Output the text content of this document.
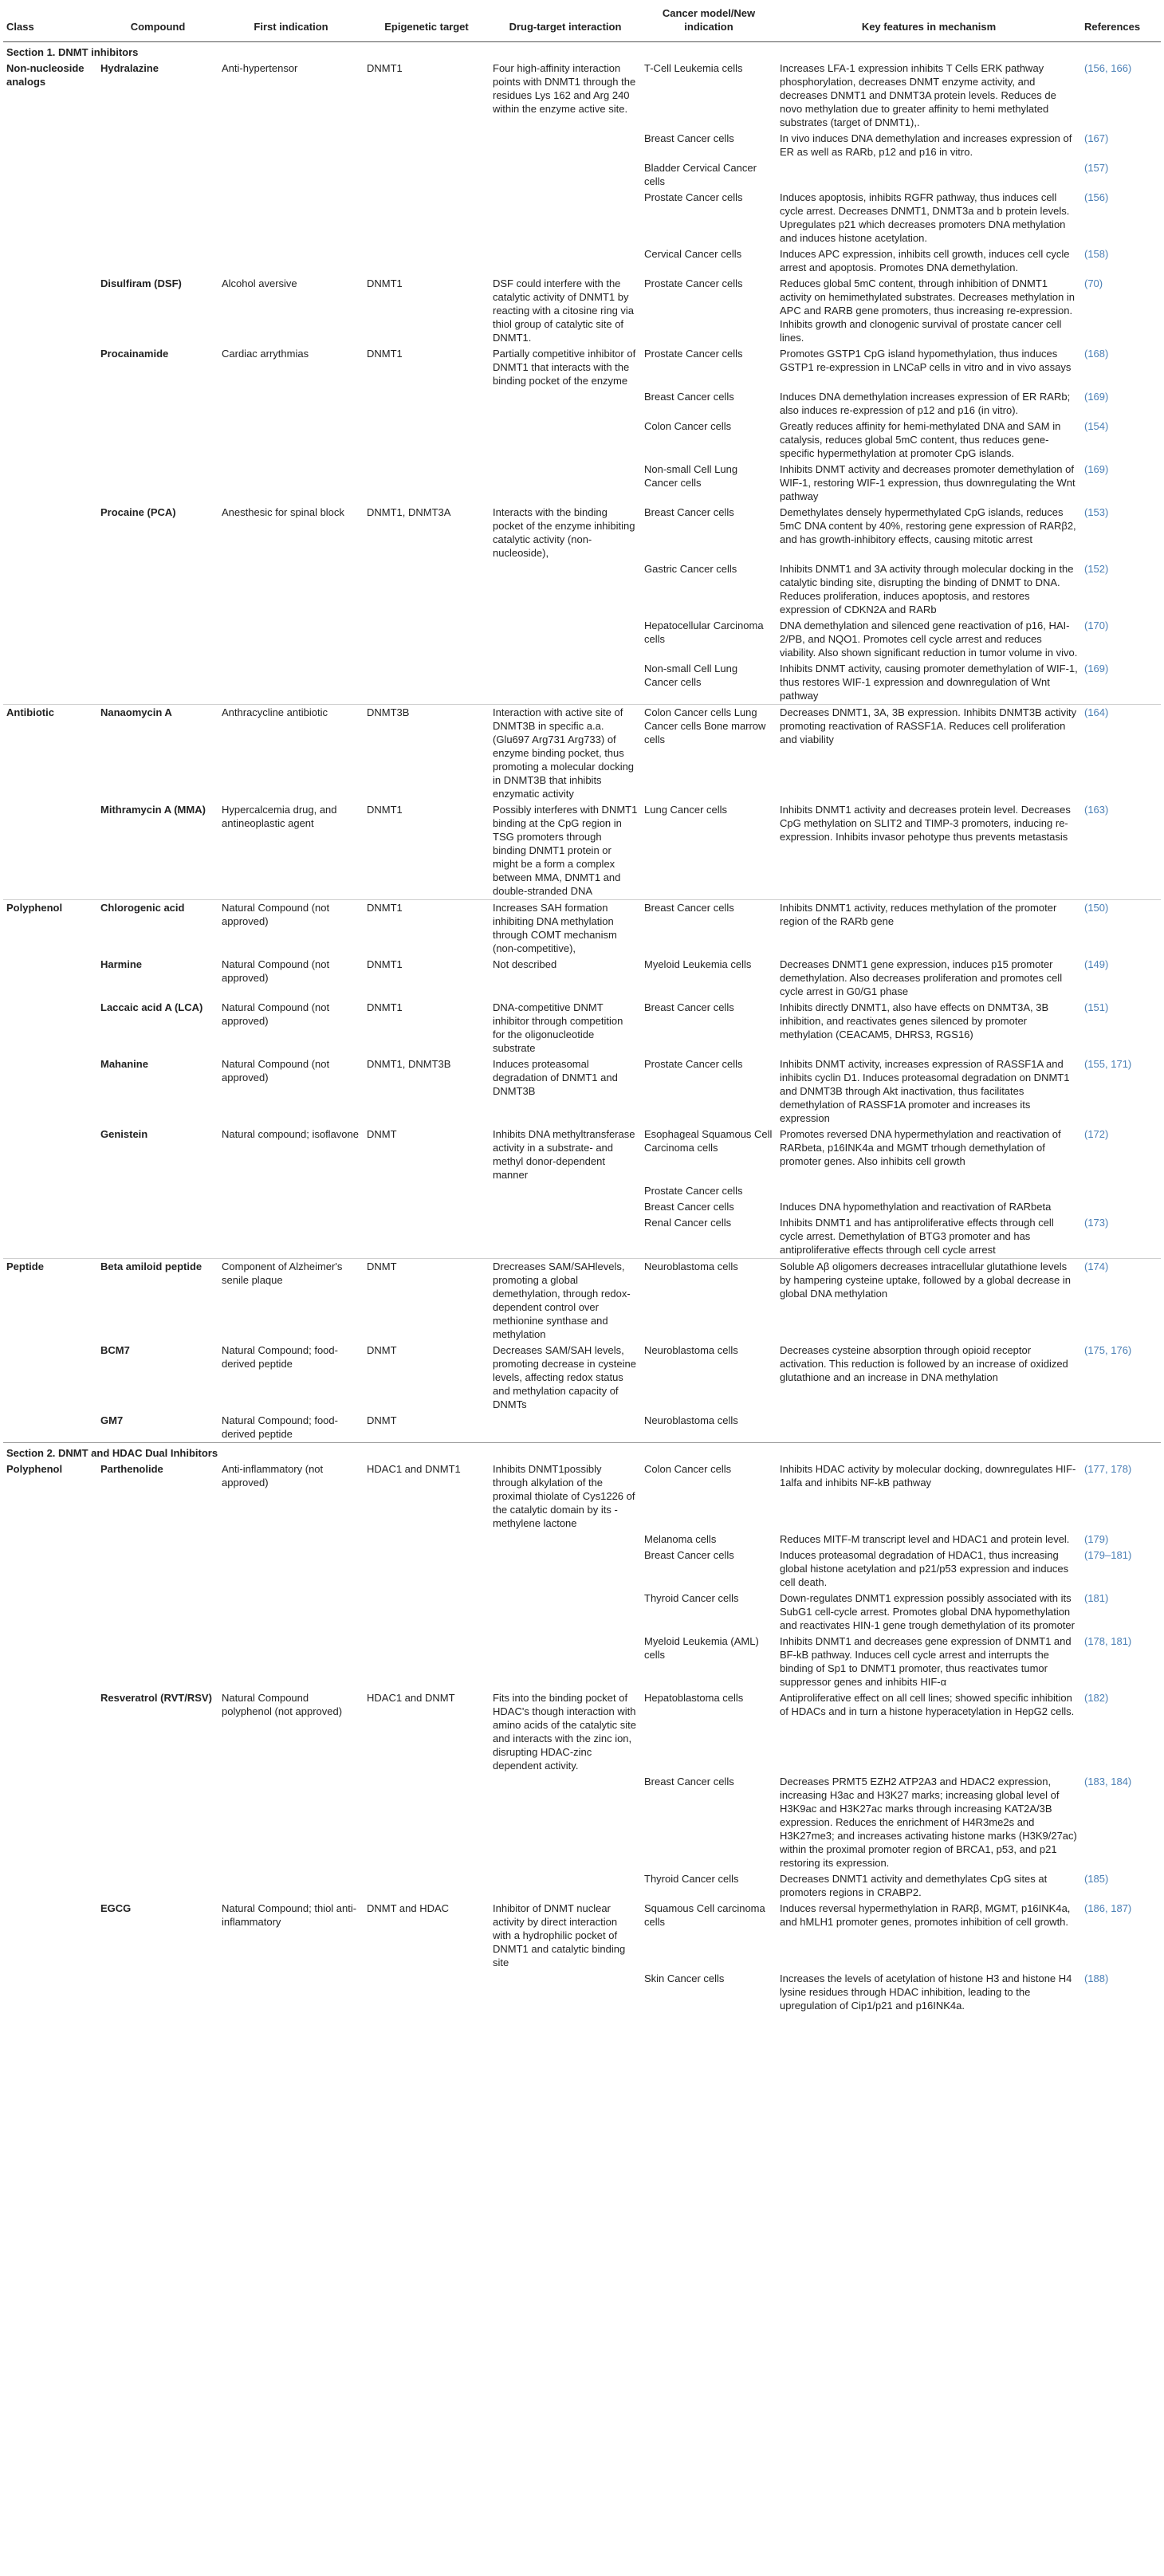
Class	Compound	First indication	Epigenetic target	Drug-target interaction	Cancer model/New indication	Key features in mechanism	References
Section 1. DNMT inhibitors							
Non-nucleoside analogs	Hydralazine	Anti-hypertensor	DNMT1	Four high-affinity interaction points with DNMT1 through the residues Lys 162 and Arg 240 within the enzyme active site.	T-Cell Leukemia cells	Increases LFA-1 expression inhibits T Cells ERK pathway phosphorylation, decreases DNMT enzyme activity, and decreases DNMT1 and DNMT3A protein levels. Reduces de novo methylation due to greater affinity to hemi methylated substrates (target of DNMT1),.	(156, 166)
					Breast Cancer cells	In vivo induces DNA demethylation and increases expression of ER as well as RARb, p12 and p16 in vitro.	(167)
					Bladder Cervical Cancer cells		(157)
					Prostate Cancer cells	Induces apoptosis, inhibits RGFR pathway, thus induces cell cycle arrest. Decreases DNMT1, DNMT3a and b protein levels. Upregulates p21 which decreases promoters DNA methylation and induces histone acetylation.	(156)
					Cervical Cancer cells	Induces APC expression, inhibits cell growth, induces cell cycle arrest and apoptosis. Promotes DNA demethylation.	(158)
	Disulfiram (DSF)	Alcohol aversive	DNMT1	DSF could interfere with the catalytic activity of DNMT1 by reacting with a citosine ring via thiol group of catalytic site of DNMT1.	Prostate Cancer cells	Reduces global 5mC content, through inhibition of DNMT1 activity on hemimethylated substrates. Decreases methylation in APC and RARB gene promoters, thus increasing re-expression. Inhibits growth and clonogenic survival of prostate cancer cell lines.	(70)
	Procainamide	Cardiac arrythmias	DNMT1	Partially competitive inhibitor of DNMT1 that interacts with the binding pocket of the enzyme	Prostate Cancer cells	Promotes GSTP1 CpG island hypomethylation, thus induces GSTP1 re-expression in LNCaP cells in vitro and in vivo assays	(168)
					Breast Cancer cells	Induces DNA demethylation increases expression of ER RARb; also induces re-expression of p12 and p16 (in vitro).	(169)
					Colon Cancer cells	Greatly reduces affinity for hemi-methylated DNA and SAM in catalysis, reduces global 5mC content, thus reduces gene-specific hypermethylation at promoter CpG islands.	(154)
					Non-small Cell Lung Cancer cells	Inhibits DNMT activity and decreases promoter demethylation of WIF-1, restoring WIF-1 expression, thus downregulating the Wnt pathway	(169)
	Procaine (PCA)	Anesthesic for spinal block	DNMT1, DNMT3A	Interacts with the binding pocket of the enzyme inhibiting catalytic activity (non-nucleoside),	Breast Cancer cells	Demethylates densely hypermethylated CpG islands, reduces 5mC DNA content by 40%, restoring gene expression of RARβ2, and has growth-inhibitory effects, causing mitotic arrest	(153)
					Gastric Cancer cells	Inhibits DNMT1 and 3A activity through molecular docking in the catalytic binding site, disrupting the binding of DNMT to DNA. Reduces proliferation, induces apoptosis, and restores expression of CDKN2A and RARb	(152)
					Hepatocellular Carcinoma cells	DNA demethylation and silenced gene reactivation of p16, HAI-2/PB, and NQO1. Promotes cell cycle arrest and reduces viability. Also shown significant reduction in tumor volume in vivo.	(170)
					Non-small Cell Lung Cancer cells	Inhibits DNMT activity, causing promoter demethylation of WIF-1, thus restores WIF-1 expression and downregulation of Wnt pathway	(169)
Antibiotic	Nanaomycin A	Anthracycline antibiotic	DNMT3B	Interaction with active site of DNMT3B in specific a.a. (Glu697 Arg731 Arg733) of enzyme binding pocket, thus promoting a molecular docking in DNMT3B that inhibits enzymatic activity	Colon Cancer cells Lung Cancer cells Bone marrow cells	Decreases DNMT1, 3A, 3B expression. Inhibits DNMT3B activity promoting reactivation of RASSF1A. Reduces cell proliferation and viability	(164)
	Mithramycin A (MMA)	Hypercalcemia drug, and antineoplastic agent	DNMT1	Possibly interferes with DNMT1 binding at the CpG region in TSG promoters through binding DNMT1 protein or might be a form a complex between MMA, DNMT1 and double-stranded DNA	Lung Cancer cells	Inhibits DNMT1 activity and decreases protein level. Decreases CpG methylation on SLIT2 and TIMP-3 promoters, inducing re-expression. Inhibits invasor pehotype thus prevents metastasis	(163)
Polyphenol	Chlorogenic acid	Natural Compound (not approved)	DNMT1	Increases SAH formation inhibiting DNA methylation through COMT mechanism (non-competitive),	Breast Cancer cells	Inhibits DNMT1 activity, reduces methylation of the promoter region of the RARb gene	(150)
	Harmine	Natural Compound (not approved)	DNMT1	Not described	Myeloid Leukemia cells	Decreases DNMT1 gene expression, induces p15 promoter demethylation. Also decreases proliferation and promotes cell cycle arrest in G0/G1 phase	(149)
	Laccaic acid A (LCA)	Natural Compound (not approved)	DNMT1	DNA-competitive DNMT inhibitor through competition for the oligonucleotide substrate	Breast Cancer cells	Inhibits directly DNMT1, also have effects on DNMT3A, 3B inhibition, and reactivates genes silenced by promoter methylation (CEACAM5, DHRS3, RGS16)	(151)
	Mahanine	Natural Compound (not approved)	DNMT1, DNMT3B	Induces proteasomal degradation of DNMT1 and DNMT3B	Prostate Cancer cells	Inhibits DNMT activity, increases expression of RASSF1A and inhibits cyclin D1. Induces proteasomal degradation on DNMT1 and DNMT3B through Akt inactivation, thus facilitates demethylation of RASSF1A promoter and increases its expression	(155, 171)
	Genistein	Natural compound; isoflavone	DNMT	Inhibits DNA methyltransferase activity in a substrate- and methyl donor-dependent manner	Esophageal Squamous Cell Carcinoma cells	Promotes reversed DNA hypermethylation and reactivation of RARbeta, p16INK4a and MGMT trhough demethylation of promoter genes. Also inhibits cell growth	(172)
					Prostate Cancer cells		
					Breast Cancer cells	Induces DNA hypomethylation and reactivation of RARbeta	
					Renal Cancer cells	Inhibits DNMT1 and has antiproliferative effects through cell cycle arrest. Demethylation of BTG3 promoter and has antiproliferative effects through cell cycle arrest	(173)
Peptide	Beta amiloid peptide	Component of Alzheimer's senile plaque	DNMT	Drecreases SAM/SAHlevels, promoting a global demethylation, through redox-dependent control over methionine synthase and methylation	Neuroblastoma cells	Soluble Aβ oligomers decreases intracellular glutathione levels by hampering cysteine uptake, followed by a global decrease in global DNA methylation	(174)
	BCM7	Natural Compound; food-derived peptide	DNMT	Decreases SAM/SAH levels, promoting decrease in cysteine levels, affecting redox status and methylation capacity of DNMTs	Neuroblastoma cells	Decreases cysteine absorption through opioid receptor activation. This reduction is followed by an increase of oxidized glutathione and an increase in DNA methylation	(175, 176)
	GM7	Natural Compound; food-derived peptide	DNMT		Neuroblastoma cells		
Section 2. DNMT and HDAC Dual Inhibitors							
Polyphenol	Parthenolide	Anti-inflammatory (not approved)	HDAC1 and DNMT1	Inhibits DNMT1possibly through alkylation of the proximal thiolate of Cys1226 of the catalytic domain by its -methylene lactone	Colon Cancer cells	Inhibits HDAC activity by molecular docking, downregulates HIF-1alfa and inhibits NF-kB pathway	(177, 178)
					Melanoma cells	Reduces MITF-M transcript level and HDAC1 and protein level.	(179)
					Breast Cancer cells	Induces proteasomal degradation of HDAC1, thus increasing global histone acetylation and p21/p53 expression and induces cell death.	(179–181)
					Thyroid Cancer cells	Down-regulates DNMT1 expression possibly associated with its SubG1 cell-cycle arrest. Promotes global DNA hypomethylation and reactivates HIN-1 gene trough demethylation of its promoter	(181)
					Myeloid Leukemia (AML) cells	Inhibits DNMT1 and decreases gene expression of DNMT1 and BF-kB pathway. Induces cell cycle arrest and interrupts the binding of Sp1 to DNMT1 promoter, thus reactivates tumor suppressor genes and inhibits HIF-α	(178, 181)
	Resveratrol (RVT/RSV)	Natural Compound polyphenol (not approved)	HDAC1 and DNMT	Fits into the binding pocket of HDAC's though interaction with amino acids of the catalytic site and interacts with the zinc ion, disrupting HDAC-zinc dependent activity.	Hepatoblastoma cells	Antiproliferative effect on all cell lines; showed specific inhibition of HDACs and in turn a histone hyperacetylation in HepG2 cells.	(182)
					Breast Cancer cells	Decreases PRMT5 EZH2 ATP2A3 and HDAC2 expression, increasing H3ac and H3K27 marks; increasing global level of H3K9ac and H3K27ac marks through increasing KAT2A/3B expression. Reduces the enrichment of H4R3me2s and H3K27me3; and increases activating histone marks (H3K9/27ac) within the proximal promoter region of BRCA1, p53, and p21 restoring its expression.	(183, 184)
					Thyroid Cancer cells	Decreases DNMT1 activity and demethylates CpG sites at promoters regions in CRABP2.	(185)
	EGCG	Natural Compound; thiol anti-inflammatory	DNMT and HDAC	Inhibitor of DNMT nuclear activity by direct interaction with a hydrophilic pocket of DNMT1 and catalytic binding site	Squamous Cell carcinoma cells	Induces reversal hypermethylation in RARβ, MGMT, p16INK4a, and hMLH1 promoter genes, promotes inhibition of cell growth.	(186, 187)
					Skin Cancer cells	Increases the levels of acetylation of histone H3 and histone H4 lysine residues through HDAC inhibition, leading to the upregulation of Cip1/p21 and p16INK4a.	(188)
